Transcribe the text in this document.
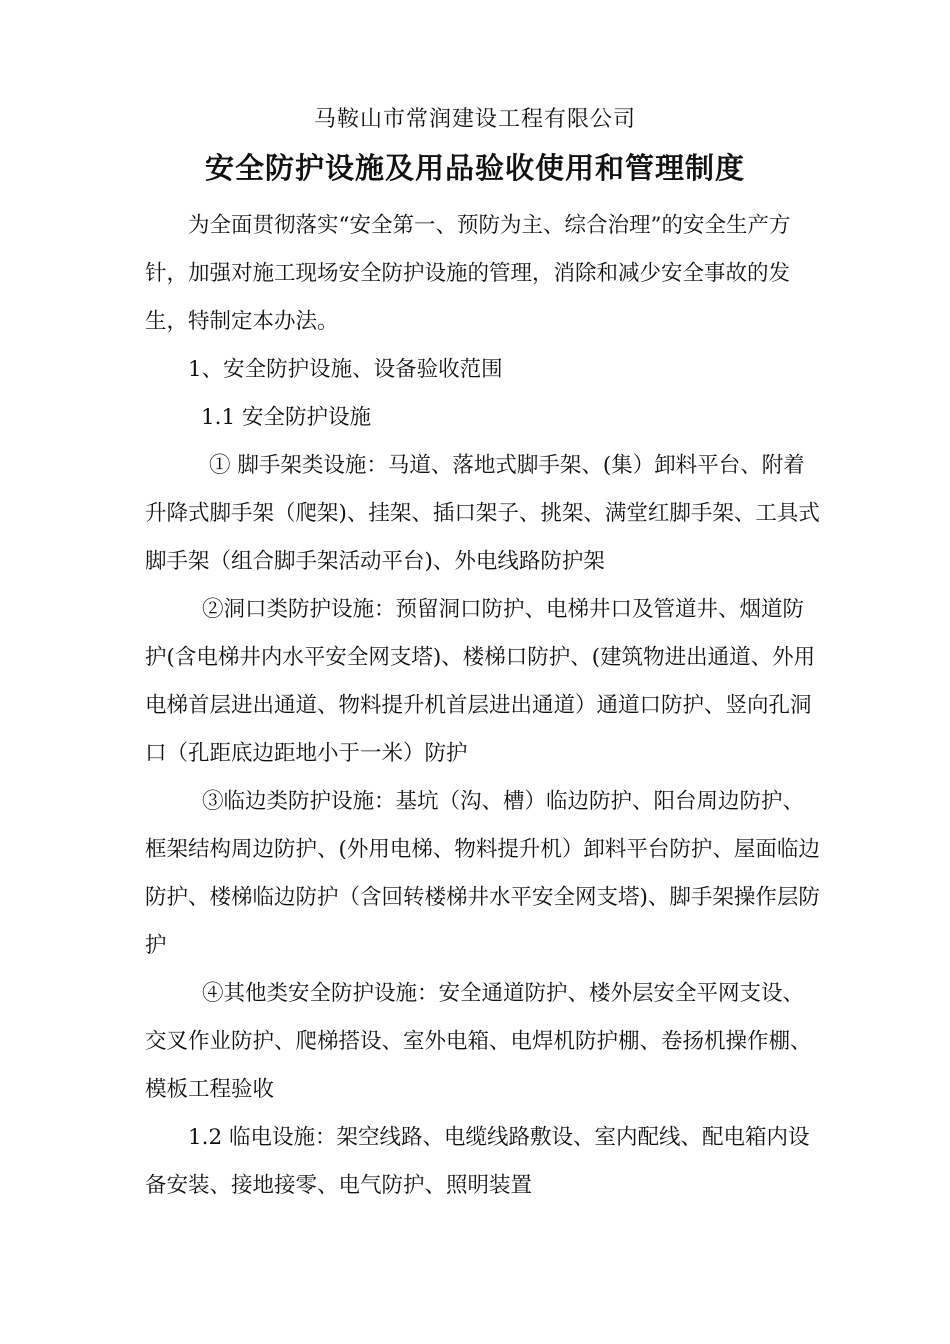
马鞍山市常润建设工程有限公司
安全防护设施及用品验收使用和管理制度

为全面贯彻落实“安全第一、预防为主、综合治理”的安全生产方针，加强对施工现场安全防护设施的管理，消除和减少安全事故的发生，特制定本办法。

1、安全防护设施、设备验收范围

1.1 安全防护设施

① 脚手架类设施：马道、落地式脚手架、(集）卸料平台、附着升降式脚手架（爬架)、挂架、插口架子、挑架、满堂红脚手架、工具式脚手架（组合脚手架活动平台)、外电线路防护架

②洞口类防护设施：预留洞口防护、电梯井口及管道井、烟道防护(含电梯井内水平安全网支塔)、楼梯口防护、(建筑物进出通道、外用电梯首层进出通道、物料提升机首层进出通道）通道口防护、竖向孔洞口（孔距底边距地小于一米）防护

③临边类防护设施：基坑（沟、槽）临边防护、阳台周边防护、框架结构周边防护、(外用电梯、物料提升机）卸料平台防护、屋面临边防护、楼梯临边防护（含回转楼梯井水平安全网支塔)、脚手架操作层防护

④其他类安全防护设施：安全通道防护、楼外层安全平网支设、交叉作业防护、爬梯搭设、室外电箱、电焊机防护棚、卷扬机操作棚、模板工程验收

1.2 临电设施：架空线路、电缆线路敷设、室内配线、配电箱内设备安装、接地接零、电气防护、照明装置
